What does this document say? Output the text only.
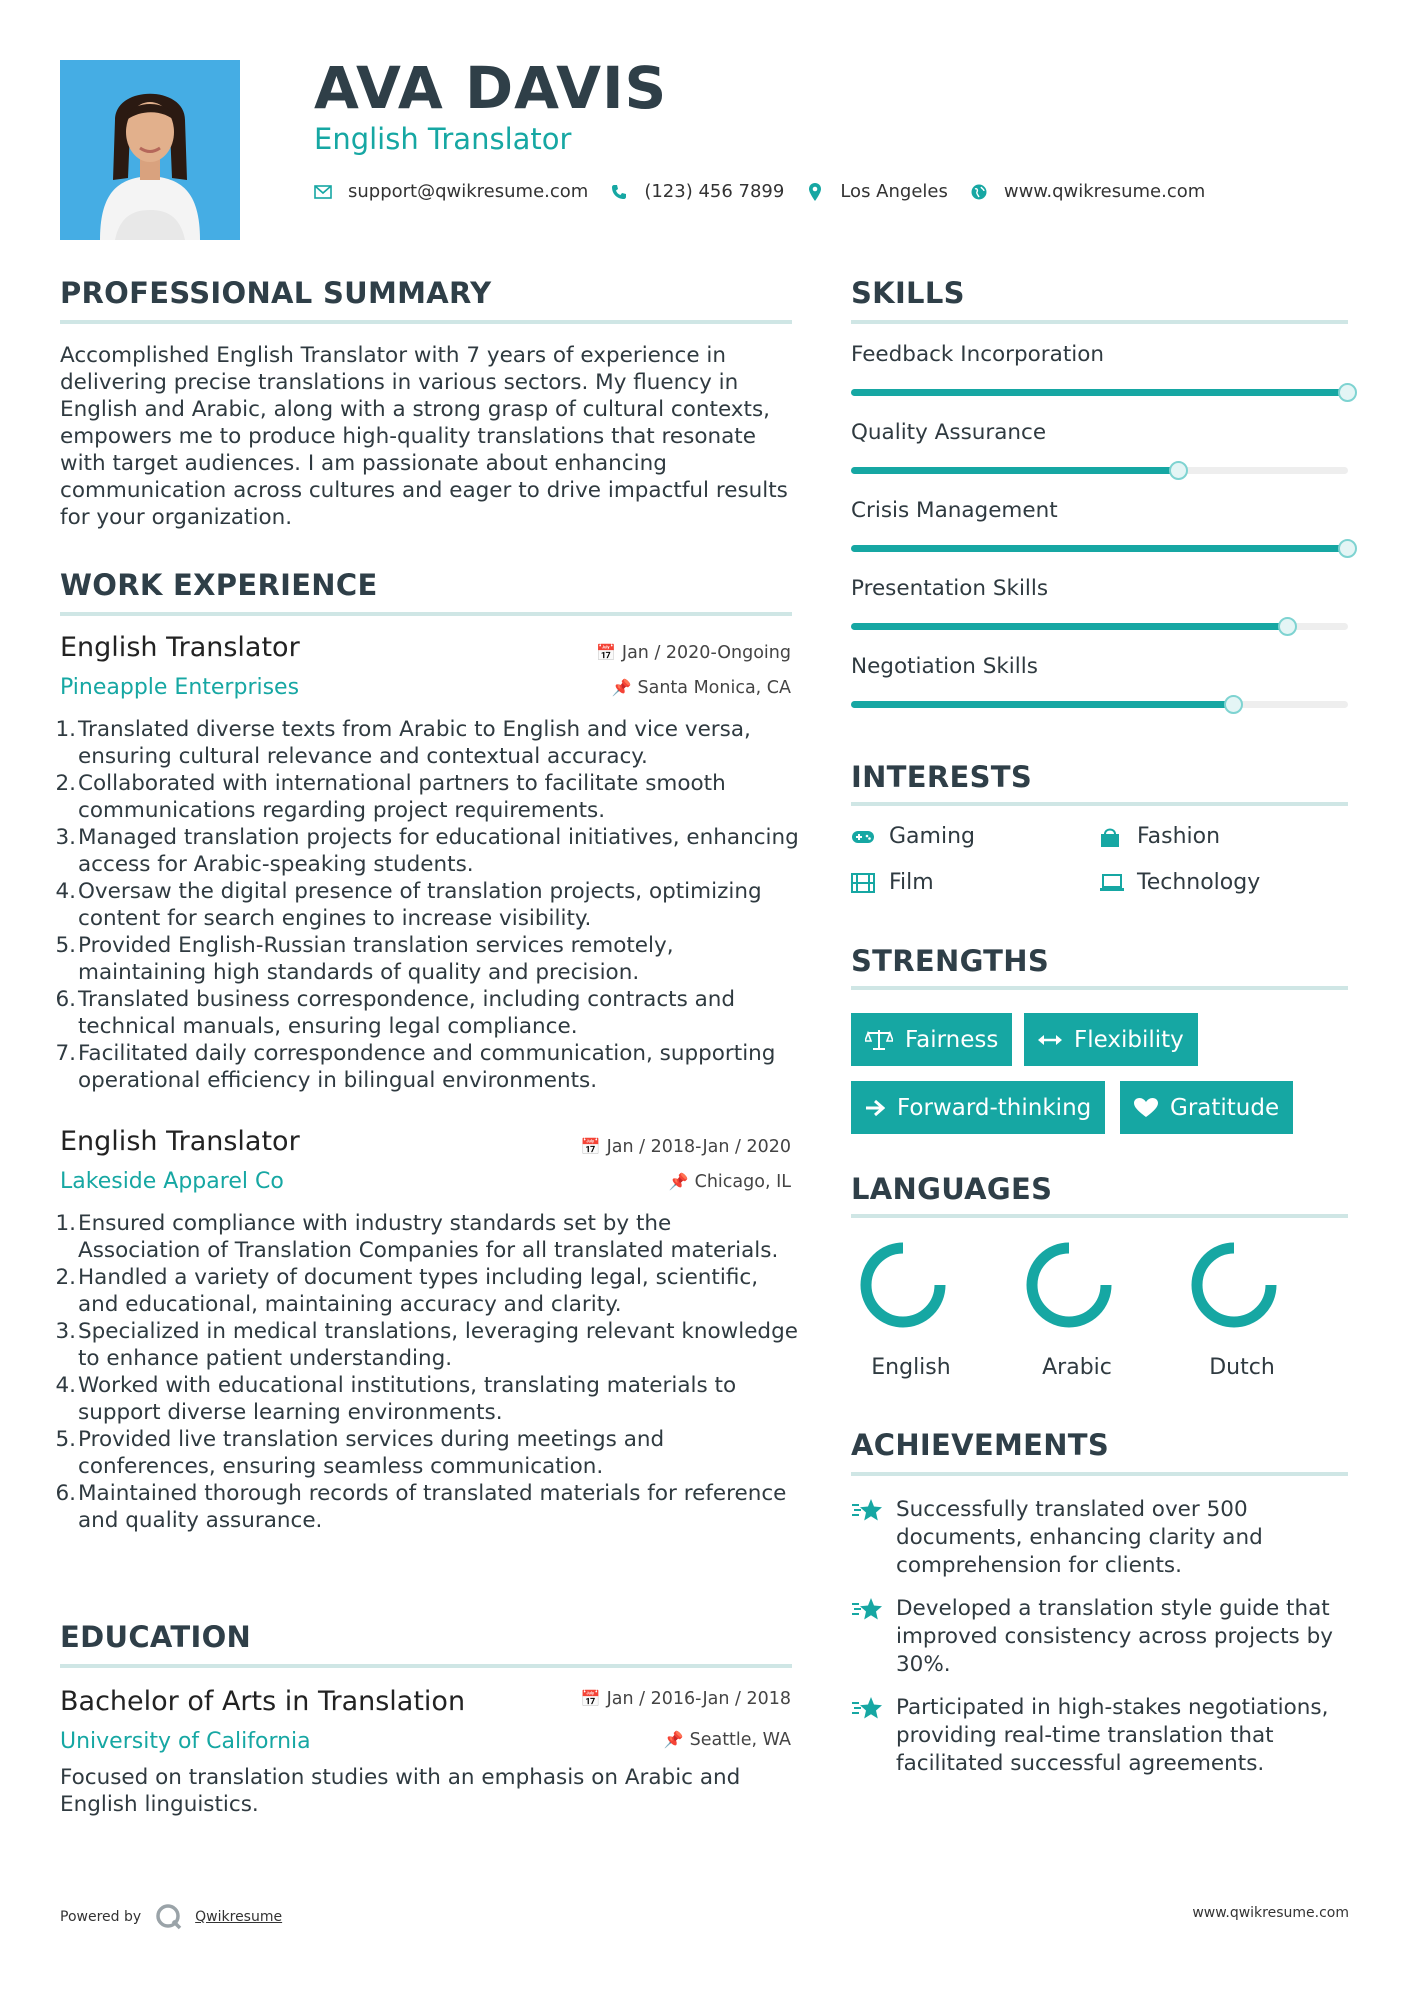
AVA DAVIS
English Translator
support@qwikresume.com	(123) 456 7899	Los Angeles	www.qwikresume.com
PROFESSIONAL SUMMARY
Accomplished English Translator with 7 years of experience in delivering precise translations in various sectors. My fluency in English and Arabic, along with a strong grasp of cultural contexts, empowers me to produce high-quality translations that resonate with target audiences. I am passionate about enhancing communication across cultures and eager to drive impactful results for your organization.
WORK EXPERIENCE
English Translator	📅 Jan / 2020-Ongoing
Pineapple Enterprises	📌 Santa Monica, CA
1. Translated diverse texts from Arabic to English and vice versa, ensuring cultural relevance and contextual accuracy.
2. Collaborated with international partners to facilitate smooth communications regarding project requirements.
3. Managed translation projects for educational initiatives, enhancing access for Arabic-speaking students.
4. Oversaw the digital presence of translation projects, optimizing content for search engines to increase visibility.
5. Provided English-Russian translation services remotely, maintaining high standards of quality and precision.
6. Translated business correspondence, including contracts and technical manuals, ensuring legal compliance.
7. Facilitated daily correspondence and communication, supporting operational efficiency in bilingual environments.
English Translator	📅 Jan / 2018-Jan / 2020
Lakeside Apparel Co	📌 Chicago, IL
1. Ensured compliance with industry standards set by the Association of Translation Companies for all translated materials.
2. Handled a variety of document types including legal, scientific, and educational, maintaining accuracy and clarity.
3. Specialized in medical translations, leveraging relevant knowledge to enhance patient understanding.
4. Worked with educational institutions, translating materials to support diverse learning environments.
5. Provided live translation services during meetings and conferences, ensuring seamless communication.
6. Maintained thorough records of translated materials for reference and quality assurance.
EDUCATION
Bachelor of Arts in Translation	📅 Jan / 2016-Jan / 2018
University of California	📌 Seattle, WA
Focused on translation studies with an emphasis on Arabic and English linguistics.
SKILLS
Feedback Incorporation
Quality Assurance
Crisis Management
Presentation Skills
Negotiation Skills
INTERESTS
Gaming	Fashion
Film	Technology
STRENGTHS
Fairness	Flexibility
Forward-thinking	Gratitude
LANGUAGES
English	Arabic	Dutch
ACHIEVEMENTS
Successfully translated over 500 documents, enhancing clarity and comprehension for clients.
Developed a translation style guide that improved consistency across projects by 30%.
Participated in high-stakes negotiations, providing real-time translation that facilitated successful agreements.
Powered by	Qwikresume	www.qwikresume.com
